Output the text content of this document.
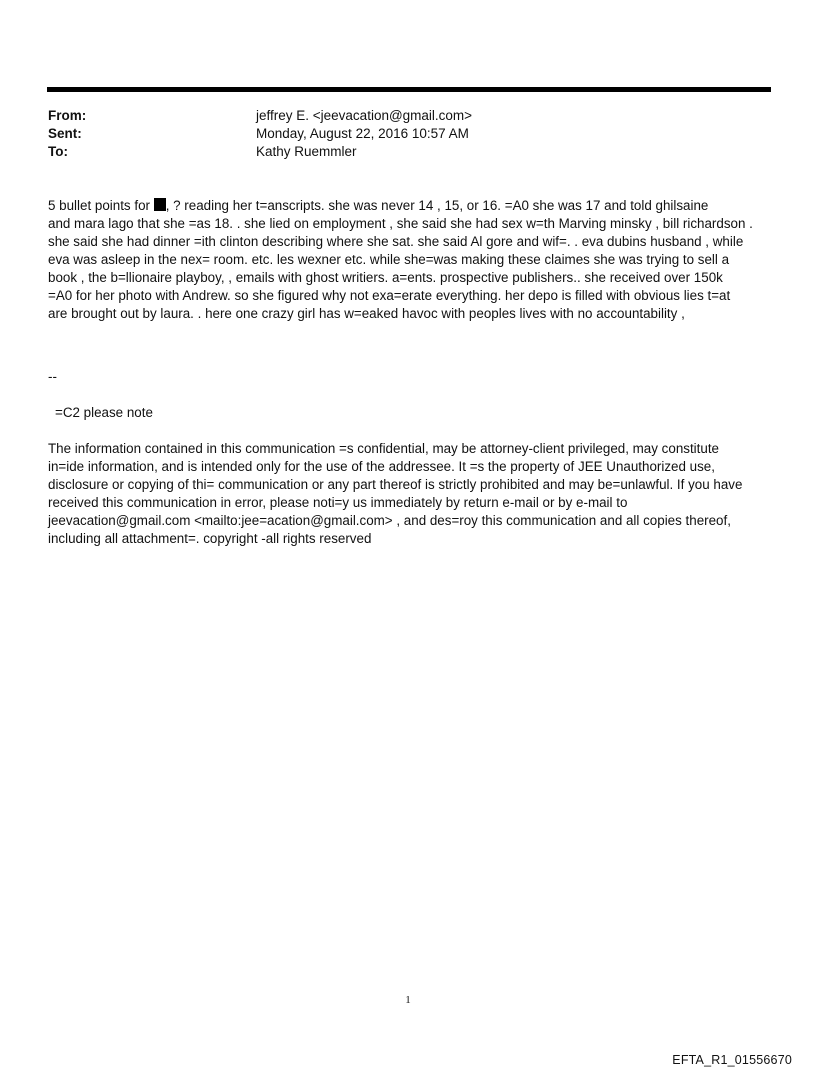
From:	jeffrey E. <jeevacation@gmail.com>
Sent:	Monday, August 22, 2016 10:57 AM
To:	Kathy Ruemmler

5 bullet points for , ? reading her t=anscripts. she was never 14 , 15, or 16. =A0 she was 17 and told ghilsaine

and mara lago that she =as 18. . she lied on employment , she said she had sex w=th Marving minsky , bill richardson .

she said she had dinner =ith clinton describing where she sat. she said Al gore and wif=. . eva dubins husband , while

eva was asleep in the nex= room. etc. les wexner etc. while she=was making these claimes she was trying to sell a

book , the b=llionaire playboy, , emails with ghost writiers. a=ents. prospective publishers.. she received over 150k

=A0 for her photo with Andrew. so she figured why not exa=erate everything. her depo is filled with obvious lies t=at

are brought out by laura. . here one crazy girl has w=eaked havoc with peoples lives with no accountability ,

--

=C2 please note

The information contained in this communication =s confidential, may be attorney-client privileged, may constitute

in=ide information, and is intended only for the use of the addressee. It =s the property of JEE Unauthorized use,

disclosure or copying of thi= communication or any part thereof is strictly prohibited and may be=unlawful. If you have

received this communication in error, please noti=y us immediately by return e-mail or by e-mail to

jeevacation@gmail.com <mailto:jee=acation@gmail.com> , and des=roy this communication and all copies thereof,

including all attachment=. copyright -all rights reserved

1
EFTA_R1_01556670
